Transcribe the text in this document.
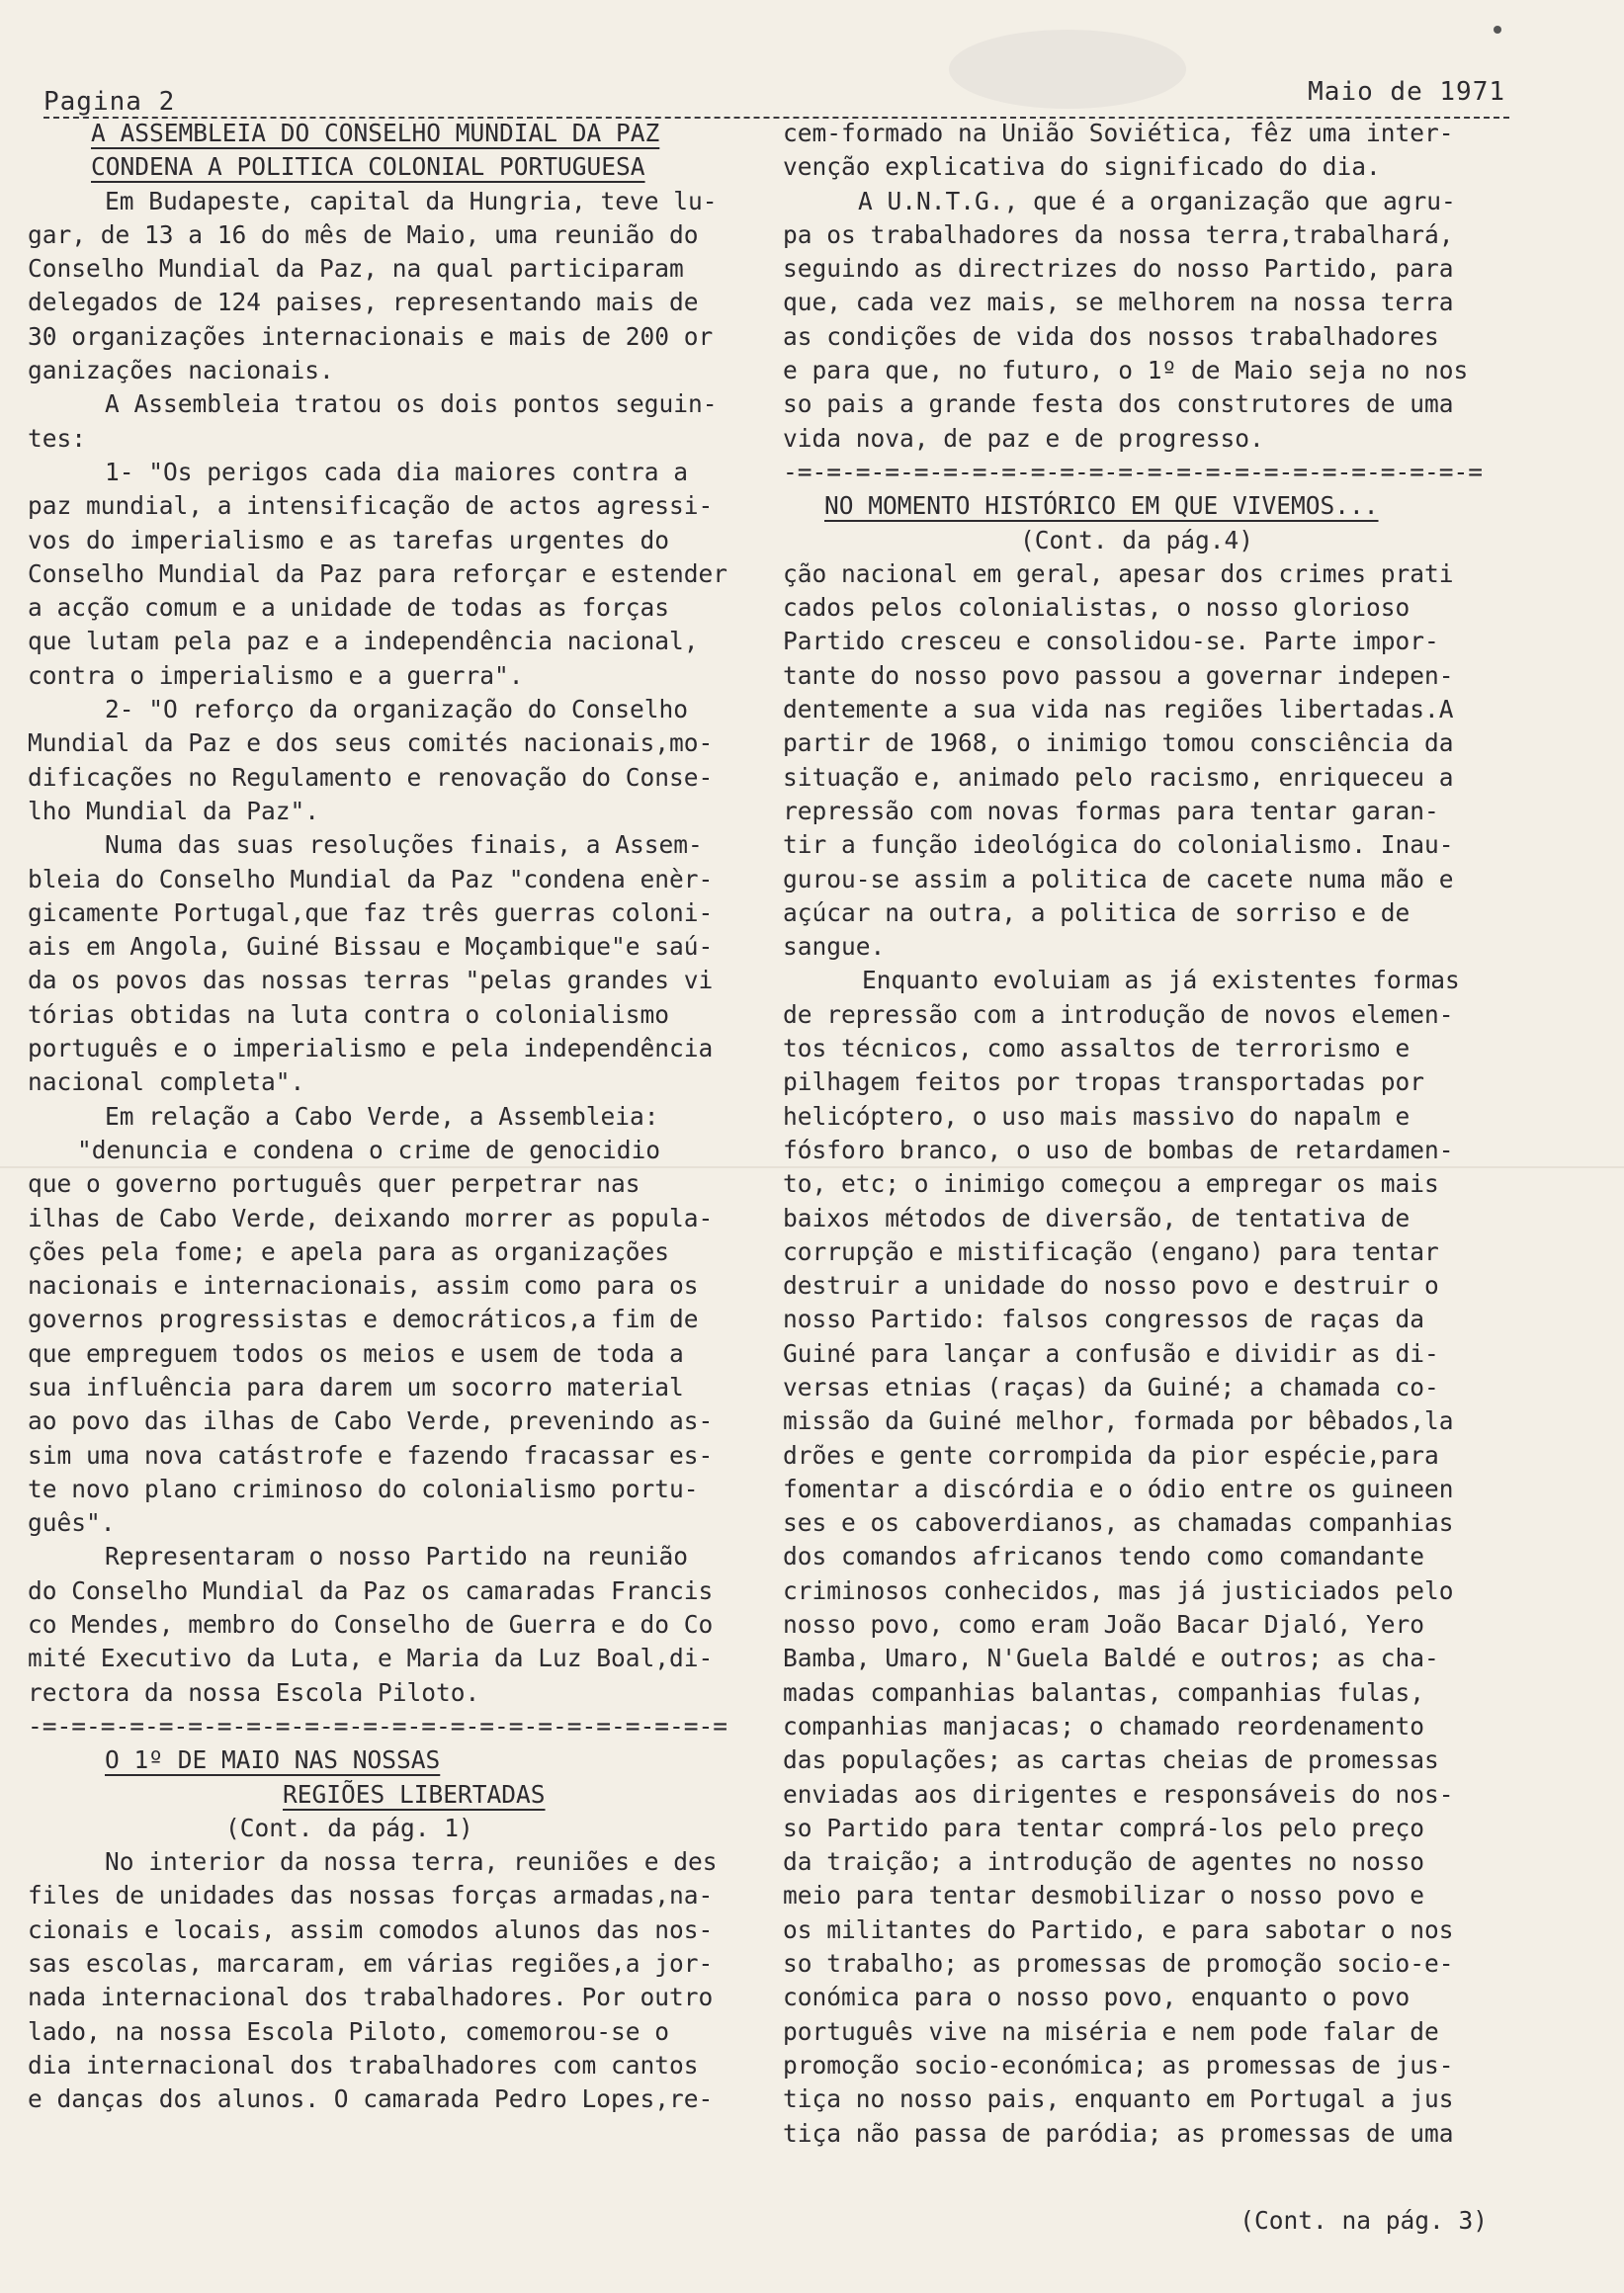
Pagina 2	Maio de 1971

A ASSEMBLEIA DO CONSELHO MUNDIAL DA PAZ

CONDENA A POLITICA COLONIAL PORTUGUESA

Em Budapeste, capital da Hungria, teve lu-

gar, de 13 a 16 do mês de Maio, uma reunião do

Conselho Mundial da Paz, na qual participaram

delegados de 124 paises, representando mais de

30 organizações internacionais e mais de 200 or

ganizações nacionais.

A Assembleia tratou os dois pontos seguin-

tes:

1- "Os perigos cada dia maiores contra a

paz mundial, a intensificação de actos agressi-

vos do imperialismo e as tarefas urgentes do

Conselho Mundial da Paz para reforçar e estender

a acção comum e a unidade de todas as forças

que lutam pela paz e a independência nacional,

contra o imperialismo e a guerra".

2- "O reforço da organização do Conselho

Mundial da Paz e dos seus comités nacionais,mo-

dificações no Regulamento e renovação do Conse-

lho Mundial da Paz".

Numa das suas resoluções finais, a Assem-

bleia do Conselho Mundial da Paz "condena enèr-

gicamente Portugal,que faz três guerras coloni-

ais em Angola, Guiné Bissau e Moçambique"e saú-

da os povos das nossas terras "pelas grandes vi

tórias obtidas na luta contra o colonialismo

português e o imperialismo e pela independência

nacional completa".

Em relação a Cabo Verde, a Assembleia:

"denuncia e condena o crime de genocidio

que o governo português quer perpetrar nas

ilhas de Cabo Verde, deixando morrer as popula-

ções pela fome; e apela para as organizações

nacionais e internacionais, assim como para os

governos progressistas e democráticos,a fim de

que empreguem todos os meios e usem de toda a

sua influência para darem um socorro material

ao povo das ilhas de Cabo Verde, prevenindo as-

sim uma nova catástrofe e fazendo fracassar es-

te novo plano criminoso do colonialismo portu-

guês".

Representaram o nosso Partido na reunião

do Conselho Mundial da Paz os camaradas Francis

co Mendes, membro do Conselho de Guerra e do Co

mité Executivo da Luta, e Maria da Luz Boal,di-

rectora da nossa Escola Piloto.

-=-=-=-=-=-=-=-=-=-=-=-=-=-=-=-=-=-=-=-=-=-=-=-=

O 1º DE MAIO NAS NOSSAS

REGIÕES LIBERTADAS

(Cont. da pág. 1)

No interior da nossa terra, reuniões e des

files de unidades das nossas forças armadas,na-

cionais e locais, assim comodos alunos das nos-

sas escolas, marcaram, em várias regiões,a jor-

nada internacional dos trabalhadores. Por outro

lado, na nossa Escola Piloto, comemorou-se o

dia internacional dos trabalhadores com cantos

e danças dos alunos. O camarada Pedro Lopes,re-

cem-formado na União Soviética, fêz uma inter-

venção explicativa do significado do dia.

A U.N.T.G., que é a organização que agru-

pa os trabalhadores da nossa terra,trabalhará,

seguindo as directrizes do nosso Partido, para

que, cada vez mais, se melhorem na nossa terra

as condições de vida dos nossos trabalhadores

e para que, no futuro, o 1º de Maio seja no nos

so pais a grande festa dos construtores de uma

vida nova, de paz e de progresso.

-=-=-=-=-=-=-=-=-=-=-=-=-=-=-=-=-=-=-=-=-=-=-=-=

NO MOMENTO HISTÓRICO EM QUE VIVEMOS...

(Cont. da pág.4)

ção nacional em geral, apesar dos crimes prati

cados pelos colonialistas, o nosso glorioso

Partido cresceu e consolidou-se. Parte impor-

tante do nosso povo passou a governar indepen-

dentemente a sua vida nas regiões libertadas.A

partir de 1968, o inimigo tomou consciência da

situação e, animado pelo racismo, enriqueceu a

repressão com novas formas para tentar garan-

tir a função ideológica do colonialismo. Inau-

gurou-se assim a politica de cacete numa mão e

açúcar na outra, a politica de sorriso e de

sangue.

Enquanto evoluiam as já existentes formas

de repressão com a introdução de novos elemen-

tos técnicos, como assaltos de terrorismo e

pilhagem feitos por tropas transportadas por

helicóptero, o uso mais massivo do napalm e

fósforo branco, o uso de bombas de retardamen-

to, etc; o inimigo começou a empregar os mais

baixos métodos de diversão, de tentativa de

corrupção e mistificação (engano) para tentar

destruir a unidade do nosso povo e destruir o

nosso Partido: falsos congressos de raças da

Guiné para lançar a confusão e dividir as di-

versas etnias (raças) da Guiné; a chamada co-

missão da Guiné melhor, formada por bêbados,la

drões e gente corrompida da pior espécie,para

fomentar a discórdia e o ódio entre os guineen

ses e os caboverdianos, as chamadas companhias

dos comandos africanos tendo como comandante

criminosos conhecidos, mas já justiciados pelo

nosso povo, como eram João Bacar Djaló, Yero

Bamba, Umaro, N'Guela Baldé e outros; as cha-

madas companhias balantas, companhias fulas,

companhias manjacas; o chamado reordenamento

das populações; as cartas cheias de promessas

enviadas aos dirigentes e responsáveis do nos-

so Partido para tentar comprá-los pelo preço

da traição; a introdução de agentes no nosso

meio para tentar desmobilizar o nosso povo e

os militantes do Partido, e para sabotar o nos

so trabalho; as promessas de promoção socio-e-

conómica para o nosso povo, enquanto o povo

português vive na miséria e nem pode falar de

promoção socio-económica; as promessas de jus-

tiça no nosso pais, enquanto em Portugal a jus

tiça não passa de paródia; as promessas de uma

(Cont. na pág. 3)
